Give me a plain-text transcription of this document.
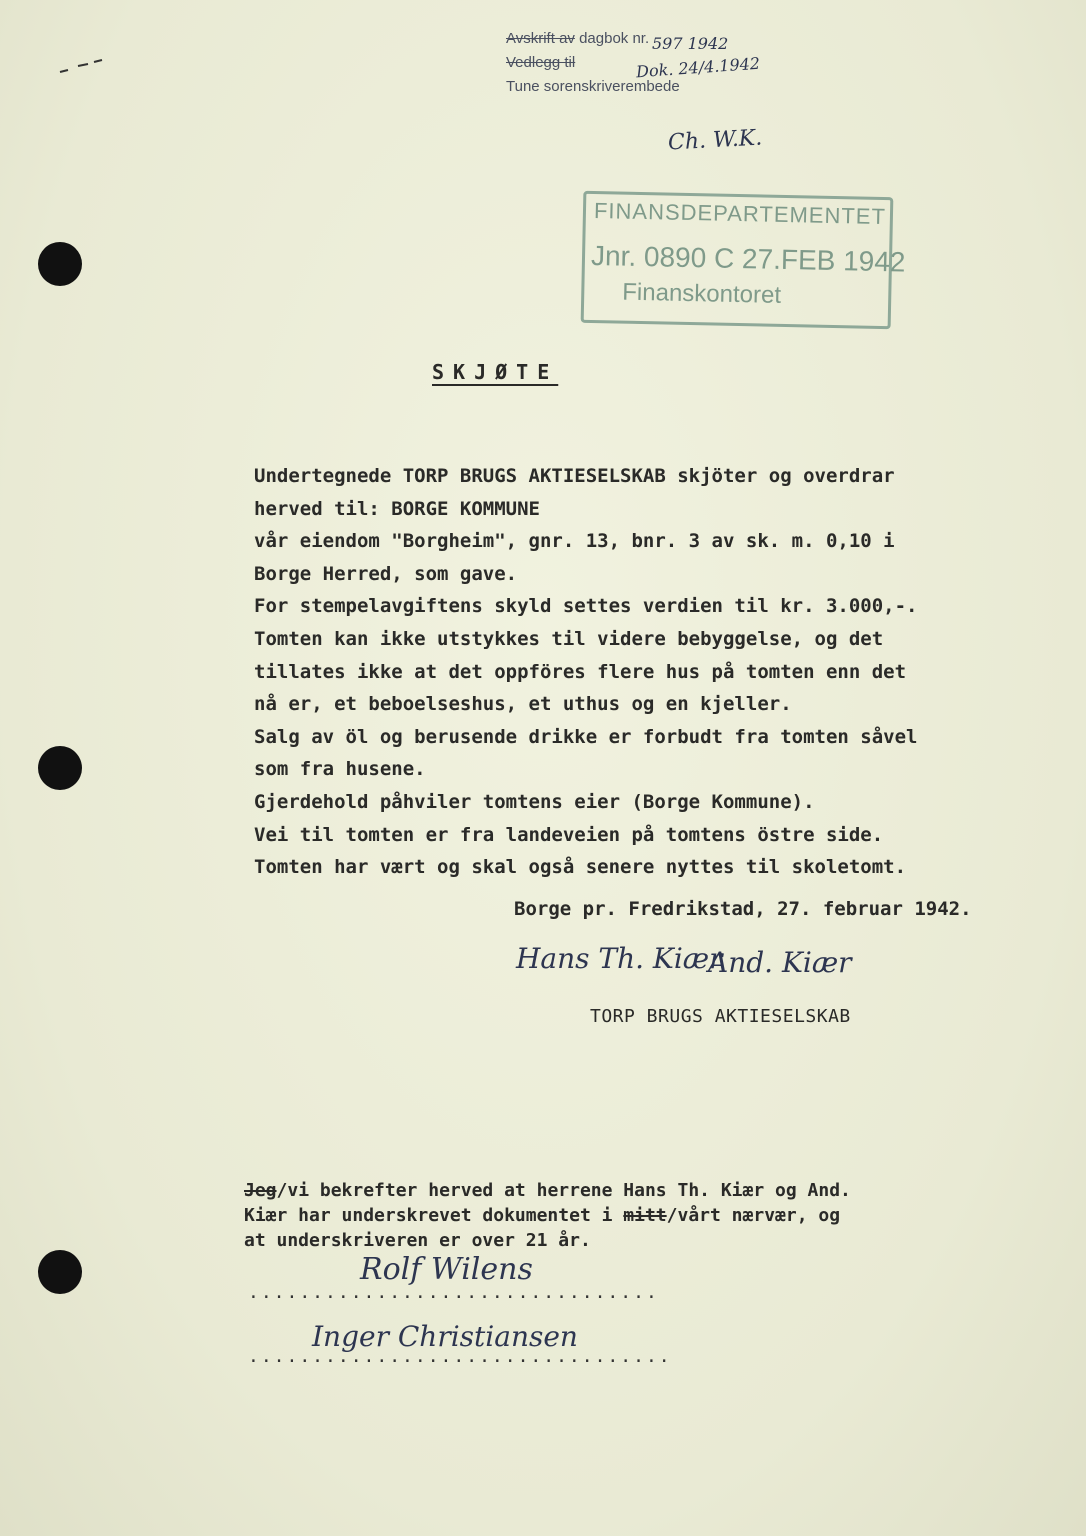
Avskrift av dagbok nr.
Vedlegg til
Tune sorenskriverembede
597 1942
Dok. 24/4.1942
Ch. W.K.
FINANSDEPARTEMENTET
Jnr. 0890 C 27.FEB 1942
Finanskontoret
SKJØTE
Undertegnede TORP BRUGS AKTIESELSKAB skjöter og overdrar
herved til: BORGE KOMMUNE
vår eiendom "Borgheim", gnr. 13, bnr. 3 av sk. m. 0,10 i
Borge Herred, som gave.
For stempelavgiftens skyld settes verdien til kr. 3.000,-.
Tomten kan ikke utstykkes til videre bebyggelse, og det
tillates ikke at det oppföres flere hus på tomten enn det
nå er, et beboelseshus, et uthus og en kjeller.
Salg av öl og berusende drikke er forbudt fra tomten såvel
som fra husene.
Gjerdehold påhviler tomtens eier (Borge Kommune).
Vei til tomten er fra landeveien på tomtens östre side.
Tomten har vært og skal også senere nyttes til skoletomt.
Borge pr. Fredrikstad, 27. februar 1942.
Hans Th. Kiær
And. Kiær
TORP BRUGS AKTIESELSKAB
Jeg/vi bekrefter herved at herrene Hans Th. Kiær og And.
Kiær har underskrevet dokumentet i mitt/vårt nærvær, og
at underskriveren er over 21 år.
Rolf Wilens
................................
Inger Christiansen
.................................
